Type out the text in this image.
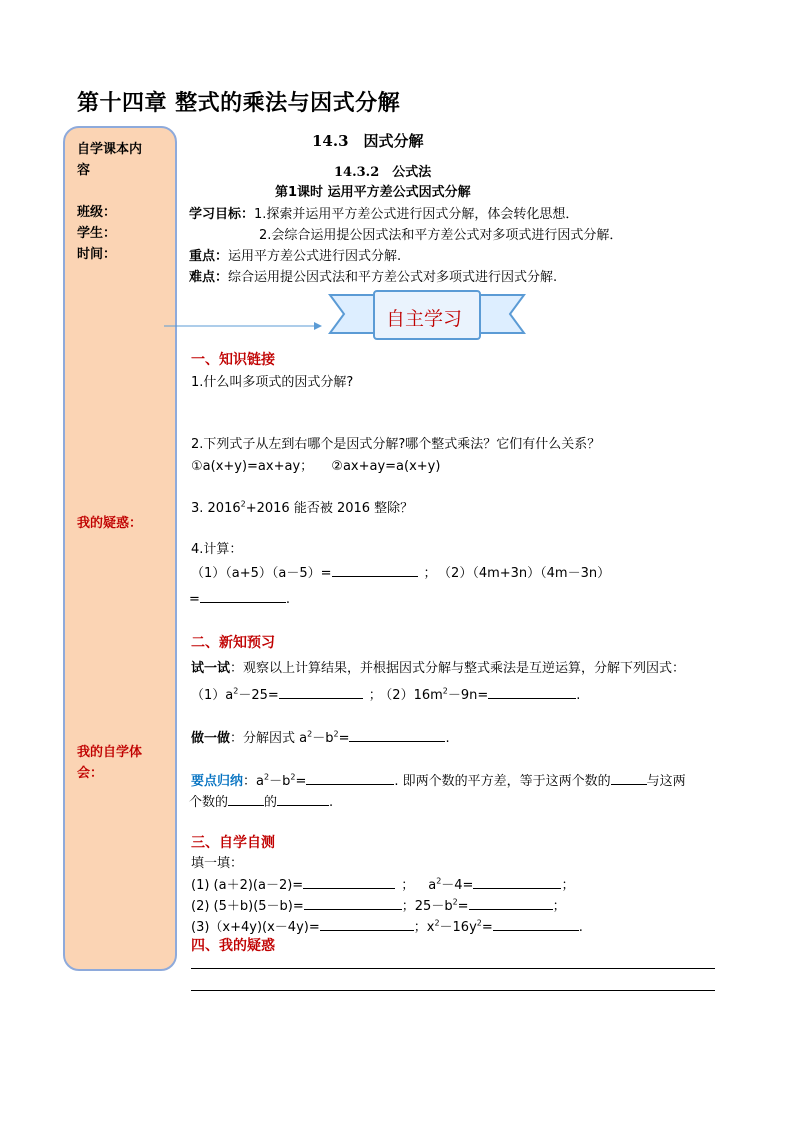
第十四章 整式的乘法与因式分解
自学课本内
容
班级：
学生：
时间：
我的疑惑：
我的自学体
会：
14.3　因式分解
14.3.2　公式法
第1课时 运用平方差公式因式分解
学习目标：1.探索并运用平方差公式进行因式分解，体会转化思想．
2.会综合运用提公因式法和平方差公式对多项式进行因式分解．
重点：运用平方差公式进行因式分解.
难点：综合运用提公因式法和平方差公式对多项式进行因式分解.
自主学习
一、知识链接
1.什么叫多项式的因式分解?
2.下列式子从左到右哪个是因式分解?哪个整式乘法？它们有什么关系？
①a(x+y)=ax+ay； ②ax+ay=a(x+y)
3. $2016^2+2016$ 能否被 2016 整除？
4.计算：
（1）（a+5）（a－5）=	； （2）（4m+3n）（4m－3n）
=	.
二、新知预习
试一试：观察以上计算结果，并根据因式分解与整式乘法是互逆运算，分解下列因式：
$(1)a^2-25=$	； $(2)16m^2-9n=$	.
做一做：分解因式 $a^2-b^2=$	.
要点归纳：$a^2-b^2=$	. 即两个数的平方差，等于这两个数的	与这两
个数的	的	.
三、自学自测
填一填：
(1) (a＋2)(a－2)=	； $a^2-4=$	；
(2) (5＋b)(5－b)=	；$25-b^2=$	；
(3)（x+4y)(x－4y)=	；$x^2-16y^2=$	.
四、我的疑惑
